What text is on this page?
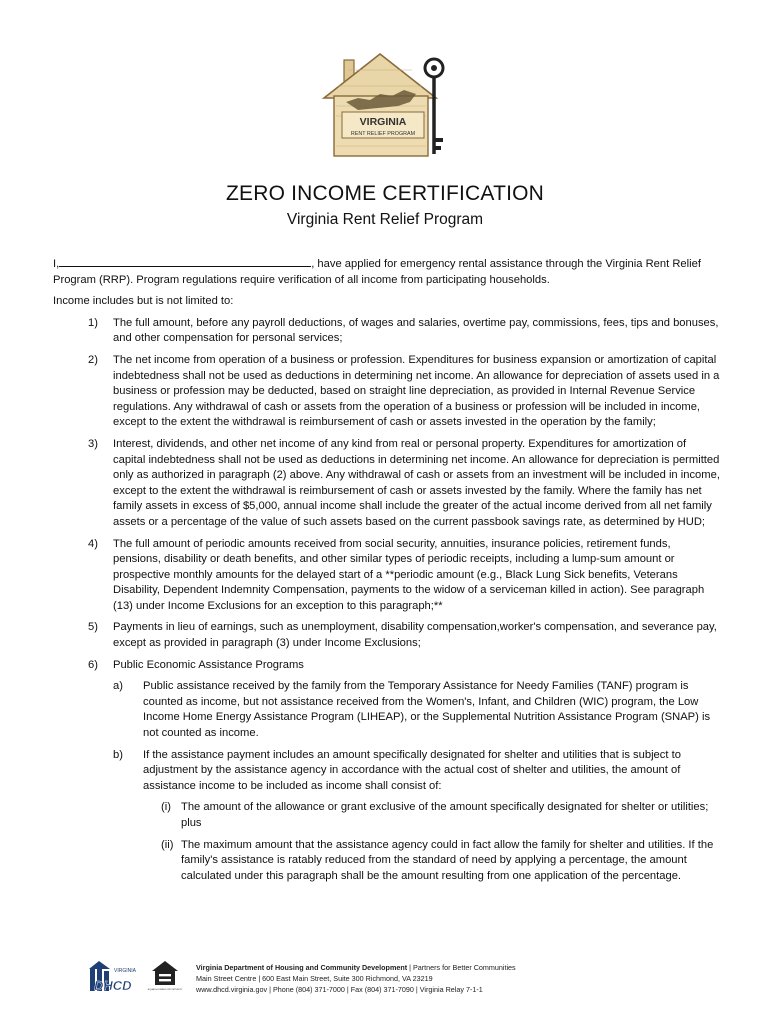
VIRGINIA
RENT RELIEF PROGRAM
ZERO INCOME CERTIFICATION
Virginia Rent Relief Program

I,	, have applied for emergency rental assistance through the Virginia Rent Relief Program (RRP). Program regulations require verification of all income from participating households.

Income includes but is not limited to:

1) The full amount, before any payroll deductions, of wages and salaries, overtime pay, commissions, fees, tips and bonuses, and other compensation for personal services;
2) The net income from operation of a business or profession. Expenditures for business expansion or amortization of capital indebtedness shall not be used as deductions in determining net income. An allowance for depreciation of assets used in a business or profession may be deducted, based on straight line depreciation, as provided in Internal Revenue Service regulations. Any withdrawal of cash or assets from the operation of a business or profession will be included in income, except to the extent the withdrawal is reimbursement of cash or assets invested in the operation by the family;
3) Interest, dividends, and other net income of any kind from real or personal property. Expenditures for amortization of capital indebtedness shall not be used as deductions in determining net income. An allowance for depreciation is permitted only as authorized in paragraph (2) above. Any withdrawal of cash or assets from an investment will be included in income, except to the extent the withdrawal is reimbursement of cash or assets invested by the family. Where the family has net family assets in excess of $5,000, annual income shall include the greater of the actual income derived from all net family assets or a percentage of the value of such assets based on the current passbook savings rate, as determined by HUD;
4) The full amount of periodic amounts received from social security, annuities, insurance policies, retirement funds, pensions, disability or death benefits, and other similar types of periodic receipts, including a lump-sum amount or prospective monthly amounts for the delayed start of a **periodic amount (e.g., Black Lung Sick benefits, Veterans Disability, Dependent Indemnity Compensation, payments to the widow of a serviceman killed in action). See paragraph (13) under Income Exclusions for an exception to this paragraph;**
5) Payments in lieu of earnings, such as unemployment, disability compensation,worker's compensation, and severance pay, except as provided in paragraph (3) under Income Exclusions;
6) Public Economic Assistance Programs
a) Public assistance received by the family from the Temporary Assistance for Needy Families (TANF) program is counted as income, but not assistance received from the Women's, Infant, and Children (WIC) program, the Low Income Home Energy Assistance Program (LIHEAP), or the Supplemental Nutrition Assistance Program (SNAP) is not counted as income.
b) If the assistance payment includes an amount specifically designated for shelter and utilities that is subject to adjustment by the assistance agency in accordance with the actual cost of shelter and utilities, the amount of assistance income to be included as income shall consist of:
(i) The amount of the allowance or grant exclusive of the amount specifically designated for shelter or utilities; plus
(ii) The maximum amount that the assistance agency could in fact allow the family for shelter and utilities. If the family's assistance is ratably reduced from the standard of need by applying a percentage, the amount calculated under this paragraph shall be the amount resulting from one application of the percentage.
VIRGINIA
DHCD	EQUAL HOUSING OPPORTUNITY
Virginia Department of Housing and Community Development | Partners for Better Communities
Main Street Centre | 600 East Main Street, Suite 300 Richmond, VA 23219
www.dhcd.virginia.gov | Phone (804) 371-7000 | Fax (804) 371-7090 | Virginia Relay 7-1-1
